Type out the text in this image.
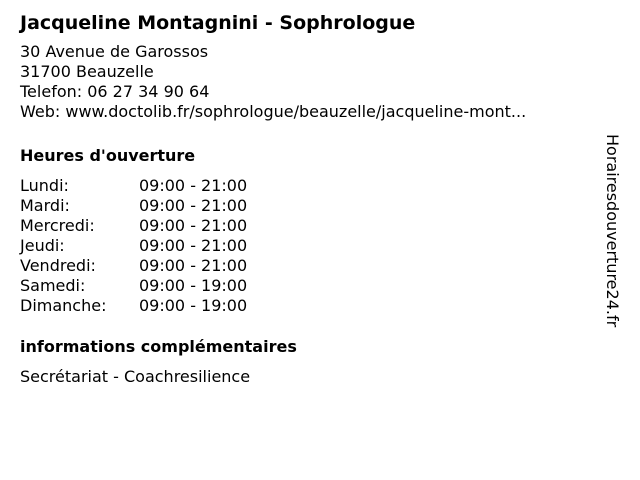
Jacqueline Montagnini - Sophrologue
30 Avenue de Garossos
31700 Beauzelle
Telefon: 06 27 34 90 64
Web: www.doctolib.fr/sophrologue/beauzelle/jacqueline-mont...
Heures d'ouverture
Lundi:	09:00 - 21:00
Mardi:	09:00 - 21:00
Mercredi:	09:00 - 21:00
Jeudi:	09:00 - 21:00
Vendredi:	09:00 - 21:00
Samedi:	09:00 - 19:00
Dimanche:	09:00 - 19:00
informations complémentaires
Secrétariat - Coachresilience
Horairesdouverture24.fr
